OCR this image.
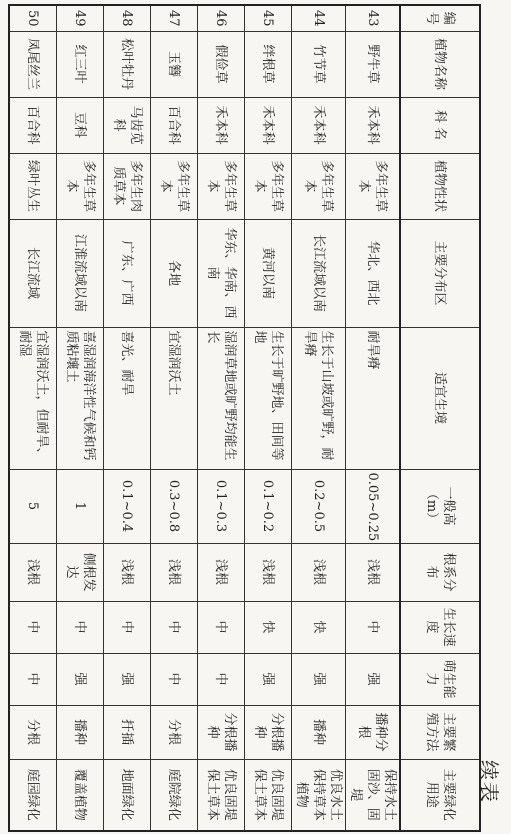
续表
编号	植物名称	科 名	植物性状	主要分布区	适宜生境	一般高（m）	根系分布	生长速度	萌生能力	主要繁殖方法	主要绿化用途
43	野牛草	禾本科	多年生草本	华北、西北	耐旱瘠	0.05~0.25	浅根	中	强	播种分根	保持水土固沙、固堤
44	竹节草	禾本科	多年生草本	长江流域以南	生长于山坡或旷野，耐旱瘠	0.2~0.5	浅根	快	强	播种	优良水土保持草本植物
45	绊根草	禾本科	多年生草本	黄河以南	生长于旷野地、田间等地	0.1~0.2	浅根	快	强	分根播种	优良固堤保土草本
46	假俭草	禾本科	多年生草本	华东、华南、西南	湿润草地或旷野均能生长	0.1~0.3	浅根	中	中	分根播种	优良固堤保土草本
47	玉簪	百合科	多年生草本	各地	宜湿润沃土	0.3~0.8	浅根	中	中	分根	庭院绿化
48	松叶牡丹	马齿苋科	多年生肉质草本	广东、广西	喜光、耐旱	0.1~0.4	浅根	中	强	扦插	地面绿化
49	红三叶	豆科	多年生草本	江淮流域以南	喜湿润海洋性气候和钙质粘壤土	1	侧根发达	中	强	播种	覆盖植物
50	凤尾丝兰	百合科	绿叶丛生	长江流域	宜湿润沃土，但耐旱、耐湿	5	浅根	中	中	分根	庭园绿化
